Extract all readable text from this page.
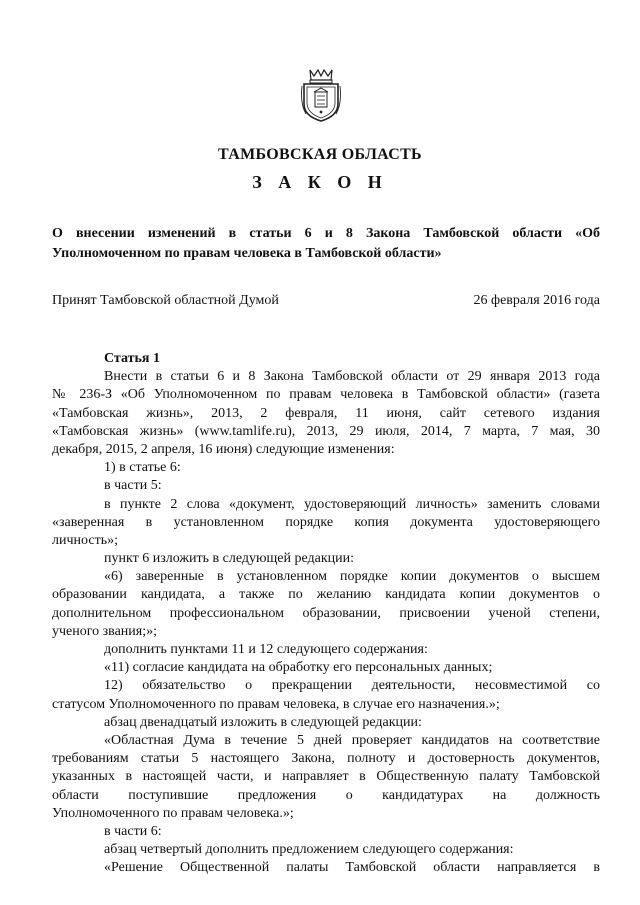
ТАМБОВСКАЯ ОБЛАСТЬ
З А К О Н
О внесении изменений в статьи 6 и 8 Закона Тамбовской области «Об
Уполномоченном по правам человека в Тамбовской области»
Принят Тамбовской областной Думой	26 февраля 2016 года
Статья 1
Внести в статьи 6 и 8 Закона Тамбовской области от 29 января 2013 года
№ 236-З «Об Уполномоченном по правам человека в Тамбовской области» (газета
«Тамбовская жизнь», 2013, 2 февраля, 11 июня, сайт сетевого издания
«Тамбовская жизнь» (www.tamlife.ru), 2013, 29 июля, 2014, 7 марта, 7 мая, 30
декабря, 2015, 2 апреля, 16 июня) следующие изменения:
1) в статье 6:
в части 5:
в пункте 2 слова «документ, удостоверяющий личность» заменить словами
«заверенная в установленном порядке копия документа удостоверяющего
личность»;
пункт 6 изложить в следующей редакции:
«6) заверенные в установленном порядке копии документов о высшем
образовании кандидата, а также по желанию кандидата копии документов о
дополнительном профессиональном образовании, присвоении ученой степени,
ученого звания;»;
дополнить пунктами 11 и 12 следующего содержания:
«11) согласие кандидата на обработку его персональных данных;
12) обязательство о прекращении деятельности, несовместимой со
статусом Уполномоченного по правам человека, в случае его назначения.»;
абзац двенадцатый изложить в следующей редакции:
«Областная Дума в течение 5 дней проверяет кандидатов на соответствие
требованиям статьи 5 настоящего Закона, полноту и достоверность документов,
указанных в настоящей части, и направляет в Общественную палату Тамбовской
области поступившие предложения о кандидатурах на должность
Уполномоченного по правам человека.»;
в части 6:
абзац четвертый дополнить предложением следующего содержания:
«Решение Общественной палаты Тамбовской области направляется в
